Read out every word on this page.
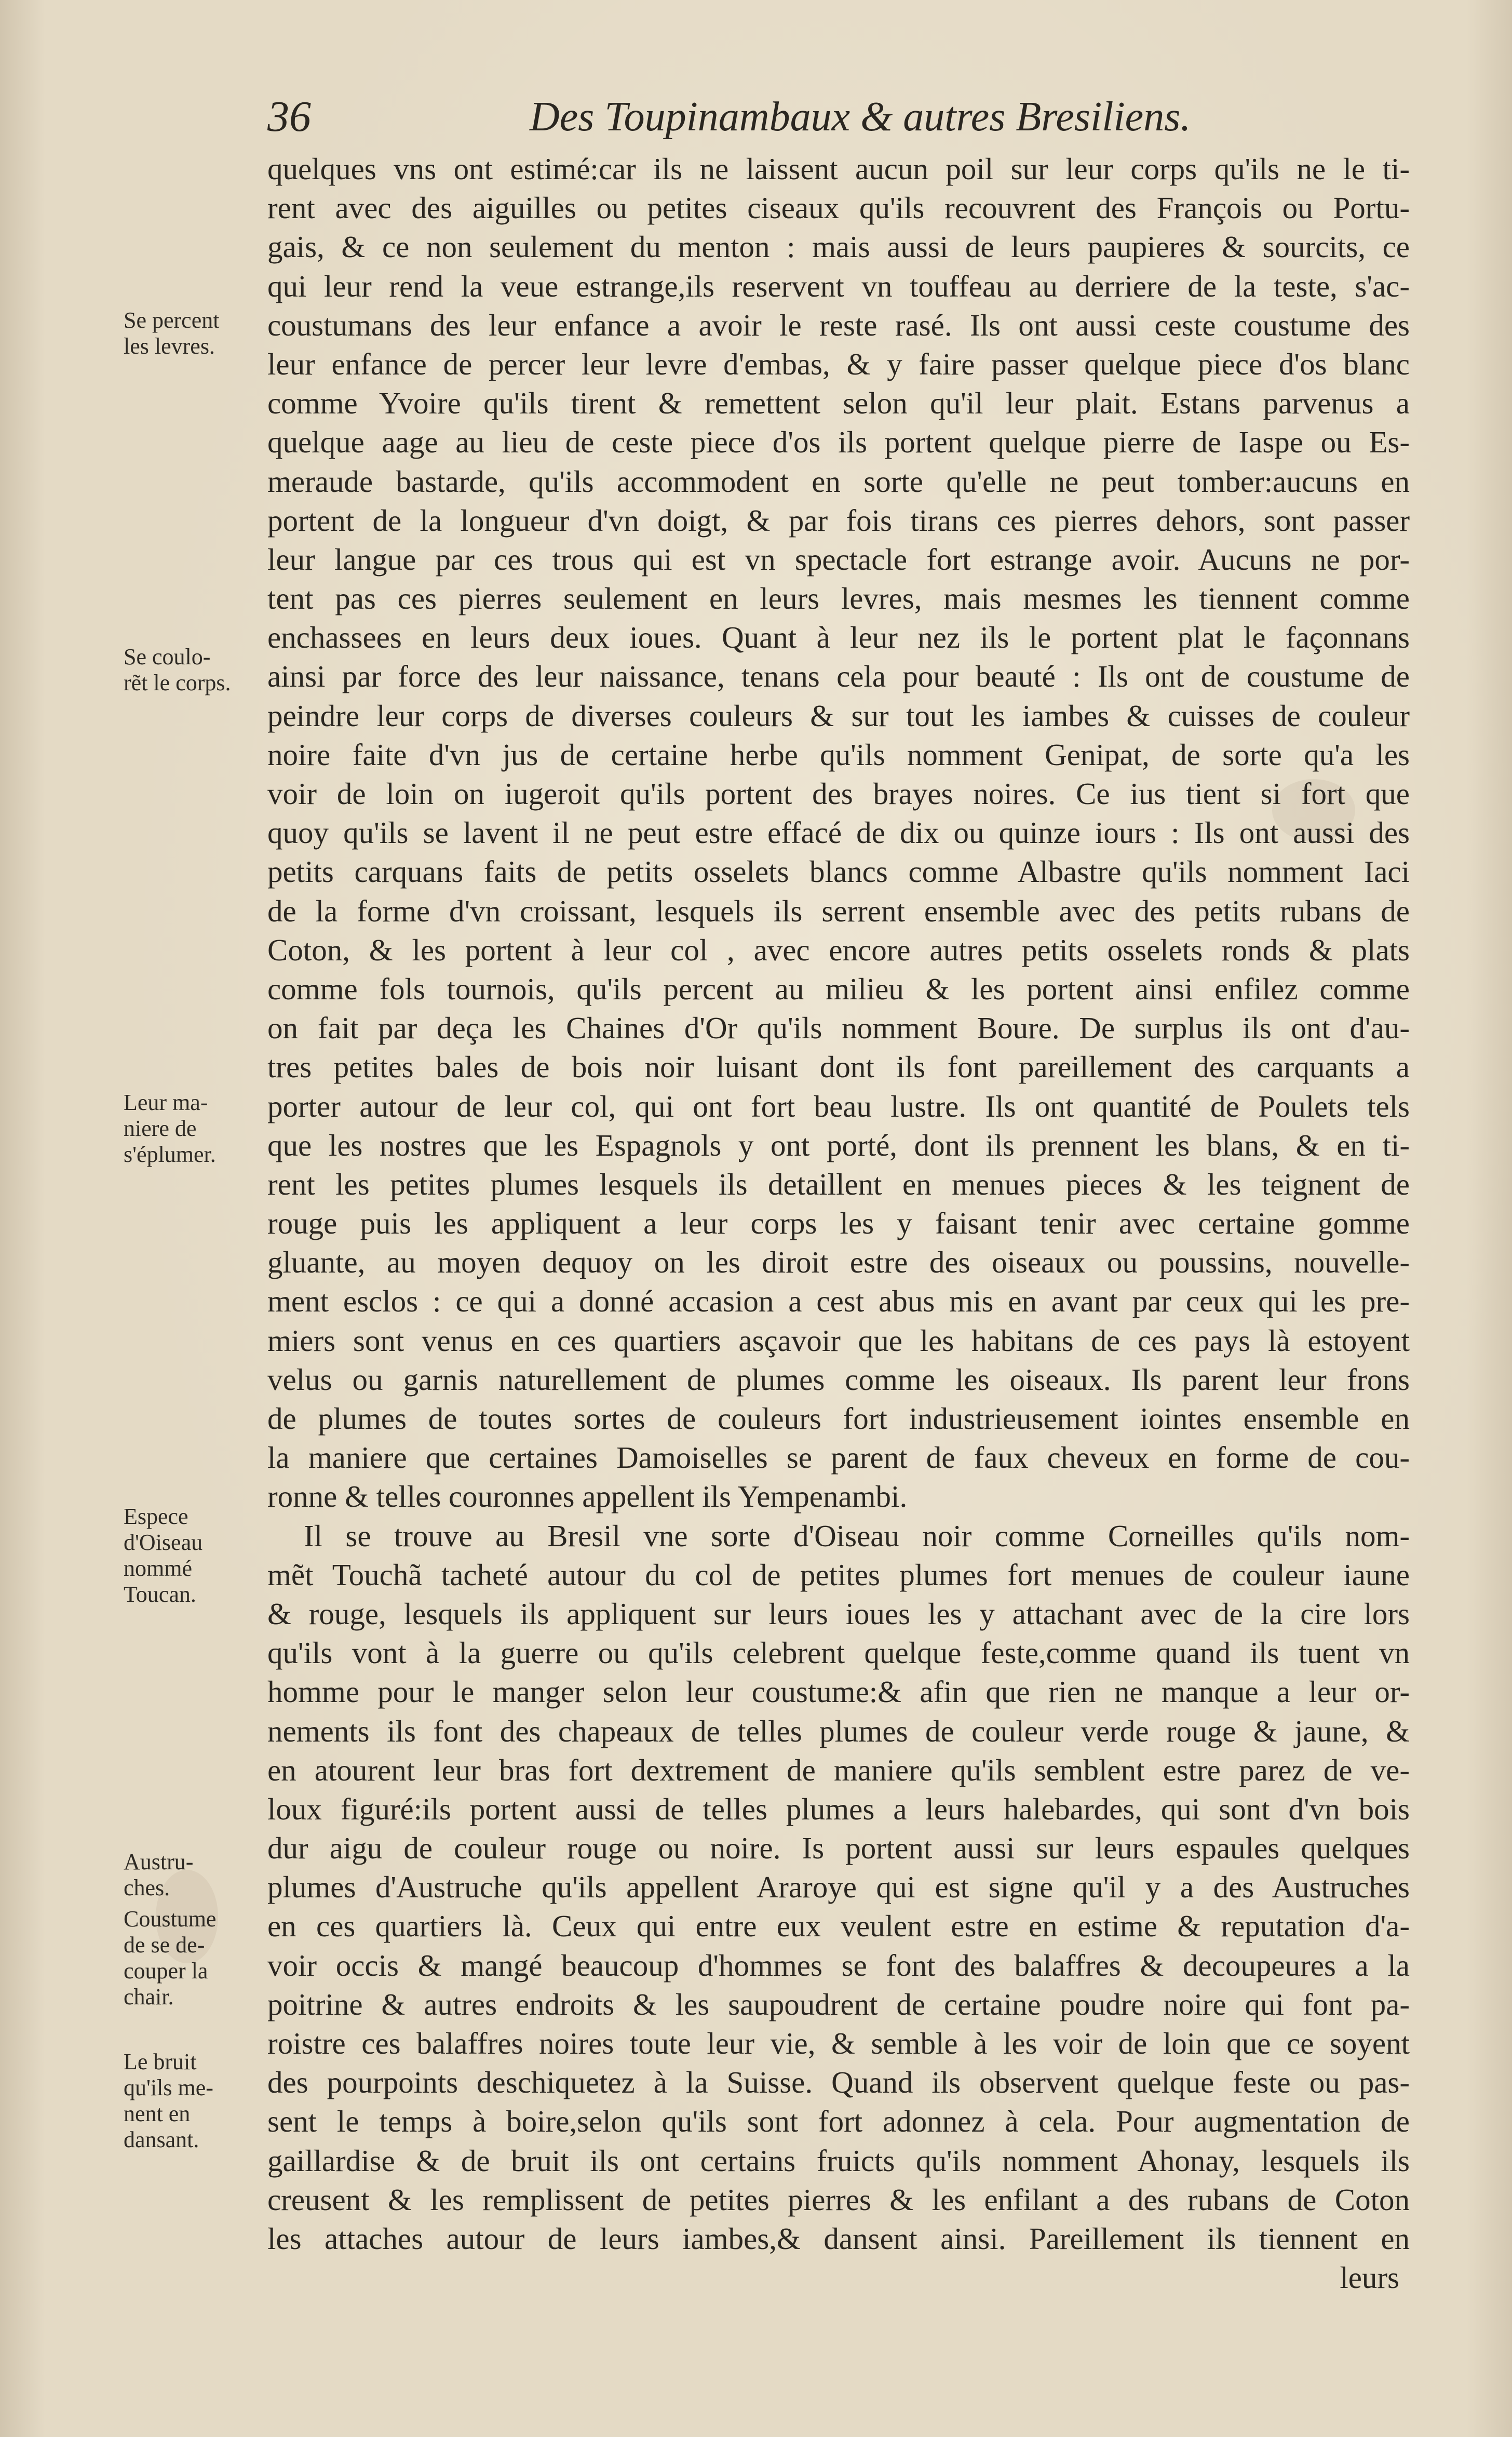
36	Des Toupinambaux & autres Bresiliens.
quelques vns ont estimé:car ils ne laissent aucun poil sur leur corps qu'ils ne le ti-
rent avec des aiguilles ou petites ciseaux qu'ils recouvrent des François ou Portu-
gais, & ce non seulement du menton : mais aussi de leurs paupieres & sourcits, ce
qui leur rend la veue estrange,ils reservent vn touffeau au derriere de la teste, s'ac-
coustumans des leur enfance a avoir le reste rasé. Ils ont aussi ceste coustume des
leur enfance de percer leur levre d'embas, & y faire passer quelque piece d'os blanc
comme Yvoire qu'ils tirent & remettent selon qu'il leur plait. Estans parvenus a
quelque aage au lieu de ceste piece d'os ils portent quelque pierre de Iaspe ou Es-
meraude bastarde, qu'ils accommodent en sorte qu'elle ne peut tomber:aucuns en
portent de la longueur d'vn doigt, & par fois tirans ces pierres dehors, sont passer
leur langue par ces trous qui est vn spectacle fort estrange avoir. Aucuns ne por-
tent pas ces pierres seulement en leurs levres, mais mesmes les tiennent comme
enchassees en leurs deux ioues. Quant à leur nez ils le portent plat le façonnans
ainsi par force des leur naissance, tenans cela pour beauté : Ils ont de coustume de
peindre leur corps de diverses couleurs & sur tout les iambes & cuisses de couleur
noire faite d'vn jus de certaine herbe qu'ils nomment Genipat, de sorte qu'a les
voir de loin on iugeroit qu'ils portent des brayes noires. Ce ius tient si fort que
quoy qu'ils se lavent il ne peut estre effacé de dix ou quinze iours : Ils ont aussi des
petits carquans faits de petits osselets blancs comme Albastre qu'ils nomment Iaci
de la forme d'vn croissant, lesquels ils serrent ensemble avec des petits rubans de
Coton, & les portent à leur col , avec encore autres petits osselets ronds & plats
comme fols tournois, qu'ils percent au milieu & les portent ainsi enfilez comme
on fait par deça les Chaines d'Or qu'ils nomment Boure. De surplus ils ont d'au-
tres petites bales de bois noir luisant dont ils font pareillement des carquants a
porter autour de leur col, qui ont fort beau lustre. Ils ont quantité de Poulets tels
que les nostres que les Espagnols y ont porté, dont ils prennent les blans, & en ti-
rent les petites plumes lesquels ils detaillent en menues pieces & les teignent de
rouge puis les appliquent a leur corps les y faisant tenir avec certaine gomme
gluante, au moyen dequoy on les diroit estre des oiseaux ou poussins, nouvelle-
ment esclos : ce qui a donné accasion a cest abus mis en avant par ceux qui les pre-
miers sont venus en ces quartiers asçavoir que les habitans de ces pays là estoyent
velus ou garnis naturellement de plumes comme les oiseaux. Ils parent leur frons
de plumes de toutes sortes de couleurs fort industrieusement iointes ensemble en
la maniere que certaines Damoiselles se parent de faux cheveux en forme de cou-
ronne & telles couronnes appellent ils Yempenambi.
Il se trouve au Bresil vne sorte d'Oiseau noir comme Corneilles qu'ils nom-
mẽt Touchã tacheté autour du col de petites plumes fort menues de couleur iaune
& rouge, lesquels ils appliquent sur leurs ioues les y attachant avec de la cire lors
qu'ils vont à la guerre ou qu'ils celebrent quelque feste,comme quand ils tuent vn
homme pour le manger selon leur coustume:& afin que rien ne manque a leur or-
nements ils font des chapeaux de telles plumes de couleur verde rouge & jaune, &
en atourent leur bras fort dextrement de maniere qu'ils semblent estre parez de ve-
loux figuré:ils portent aussi de telles plumes a leurs halebardes, qui sont d'vn bois
dur aigu de couleur rouge ou noire. Is portent aussi sur leurs espaules quelques
plumes d'Austruche qu'ils appellent Araroye qui est signe qu'il y a des Austruches
en ces quartiers là. Ceux qui entre eux veulent estre en estime & reputation d'a-
voir occis & mangé beaucoup d'hommes se font des balaffres & decoupeures a la
poitrine & autres endroits & les saupoudrent de certaine poudre noire qui font pa-
roistre ces balaffres noires toute leur vie, & semble à les voir de loin que ce soyent
des pourpoints deschiquetez à la Suisse. Quand ils observent quelque feste ou pas-
sent le temps à boire,selon qu'ils sont fort adonnez à cela. Pour augmentation de
gaillardise & de bruit ils ont certains fruicts qu'ils nomment Ahonay, lesquels ils
creusent & les remplissent de petites pierres & les enfilant a des rubans de Coton
les attaches autour de leurs iambes,& dansent ainsi. Pareillement ils tiennent en
leurs
Se percent
les levres.
Se coulo-
rẽt le corps.
Leur ma-
niere de
s'éplumer.
Espece
d'Oiseau
nommé
Toucan.
Austru-
ches.
Coustume
de se de-
couper la
chair.
Le bruit
qu'ils me-
nent en
dansant.
